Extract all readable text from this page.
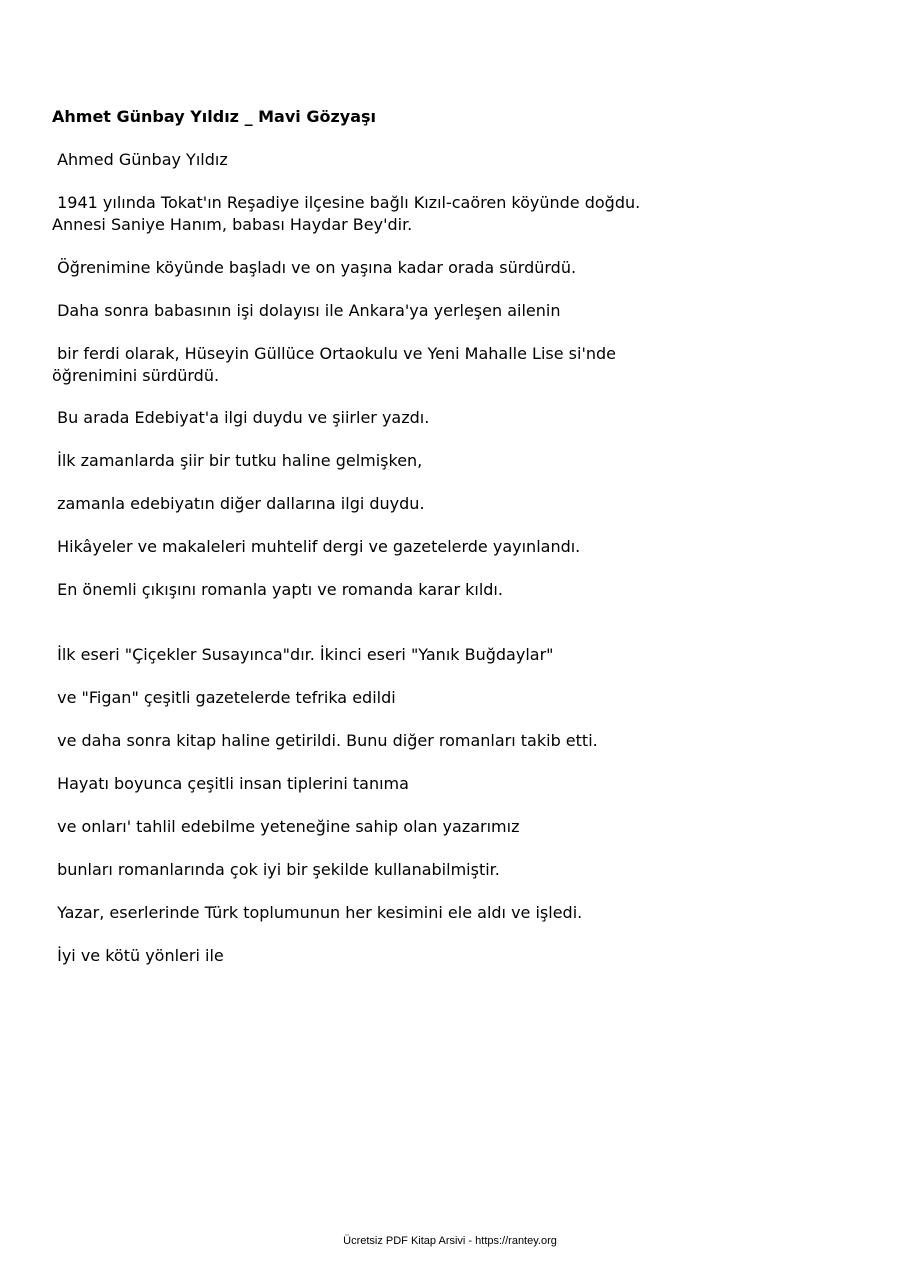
Ahmet Günbay Yıldız _ Mavi Gözyaşı

Ahmed Günbay Yıldız

1941 yılında Tokat'ın Reşadiye ilçesine bağlı Kızıl-caören köyünde doğdu.
Annesi Saniye Hanım, babası Haydar Bey'dir.

Öğrenimine köyünde başladı ve on yaşına kadar orada sürdürdü.

Daha sonra babasının işi dolayısı ile Ankara'ya yerleşen ailenin

bir ferdi olarak, Hüseyin Güllüce Ortaokulu ve Yeni Mahalle Lise si'nde
öğrenimini sürdürdü.

Bu arada Edebiyat'a ilgi duydu ve şiirler yazdı.

İlk zamanlarda şiir bir tutku haline gelmişken,

zamanla edebiyatın diğer dallarına ilgi duydu.

Hikâyeler ve makaleleri muhtelif dergi ve gazetelerde yayınlandı.

En önemli çıkışını romanla yaptı ve romanda karar kıldı.

İlk eseri "Çiçekler Susayınca"dır. İkinci eseri "Yanık Buğdaylar"

ve "Figan" çeşitli gazetelerde tefrika edildi

ve daha sonra kitap haline getirildi. Bunu diğer romanları takib etti.

Hayatı boyunca çeşitli insan tiplerini tanıma

ve onları' tahlil edebilme yeteneğine sahip olan yazarımız

bunları romanlarında çok iyi bir şekilde kullanabilmiştir.

Yazar, eserlerinde Türk toplumunun her kesimini ele aldı ve işledi.

İyi ve kötü yönleri ile

Ücretsiz PDF Kitap Arsivi - https://rantey.org
